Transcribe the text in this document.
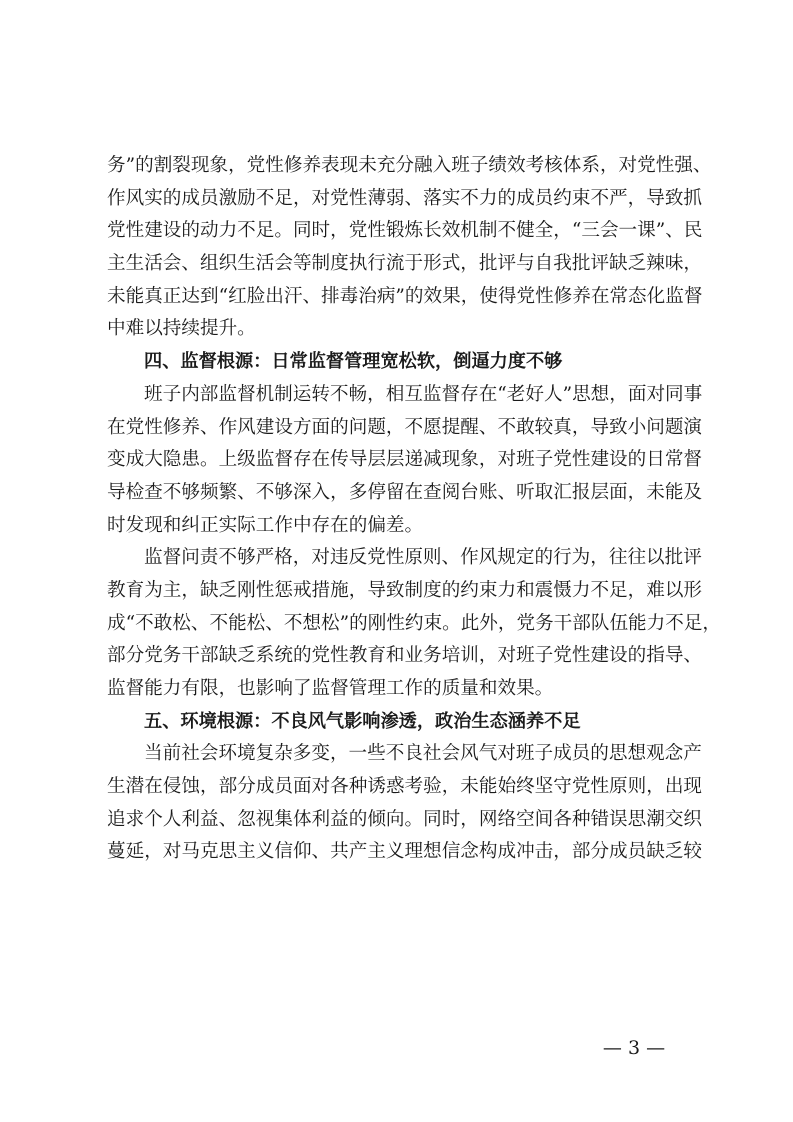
务”的割裂现象，党性修养表现未充分融入班子绩效考核体系，对党性强、
作风实的成员激励不足，对党性薄弱、落实不力的成员约束不严，导致抓
党性建设的动力不足。同时，党性锻炼长效机制不健全，“三会一课”、民
主生活会、组织生活会等制度执行流于形式，批评与自我批评缺乏辣味，
未能真正达到“红脸出汗、排毒治病”的效果，使得党性修养在常态化监督
中难以持续提升。
四、监督根源：日常监督管理宽松软，倒逼力度不够
班子内部监督机制运转不畅，相互监督存在“老好人”思想，面对同事
在党性修养、作风建设方面的问题，不愿提醒、不敢较真，导致小问题演
变成大隐患。上级监督存在传导层层递减现象，对班子党性建设的日常督
导检查不够频繁、不够深入，多停留在查阅台账、听取汇报层面，未能及
时发现和纠正实际工作中存在的偏差。
监督问责不够严格，对违反党性原则、作风规定的行为，往往以批评
教育为主，缺乏刚性惩戒措施，导致制度的约束力和震慑力不足，难以形
成“不敢松、不能松、不想松”的刚性约束。此外，党务干部队伍能力不足，
部分党务干部缺乏系统的党性教育和业务培训，对班子党性建设的指导、
监督能力有限，也影响了监督管理工作的质量和效果。
五、环境根源：不良风气影响渗透，政治生态涵养不足
当前社会环境复杂多变，一些不良社会风气对班子成员的思想观念产
生潜在侵蚀，部分成员面对各种诱惑考验，未能始终坚守党性原则，出现
追求个人利益、忽视集体利益的倾向。同时，网络空间各种错误思潮交织
蔓延，对马克思主义信仰、共产主义理想信念构成冲击，部分成员缺乏较
— 3 —
